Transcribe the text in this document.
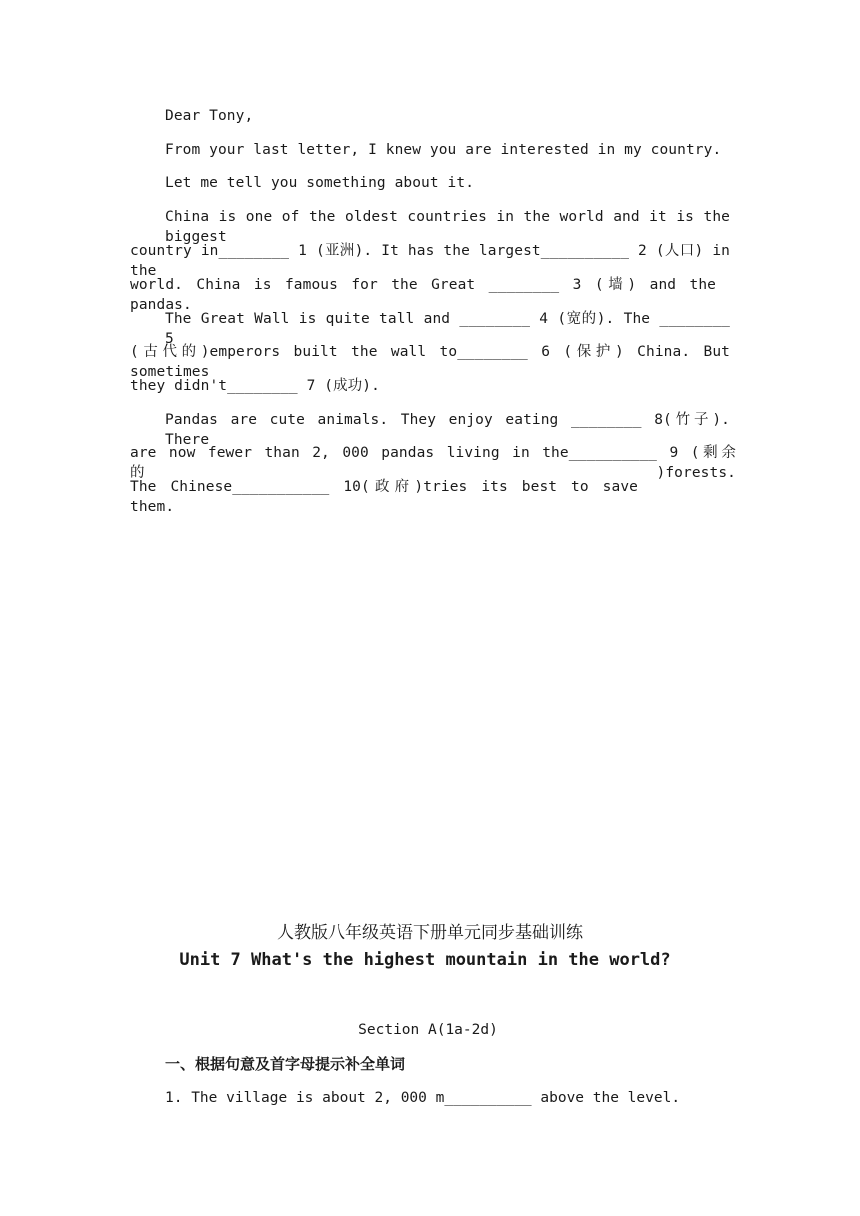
Dear Tony,
From your last letter, I knew you are interested in my country.
Let me tell you something about it.
China is one of the oldest countries in the world and it is the biggest
country in________ 1 (亚洲). It has the largest__________ 2 (人口) in the
world. China is famous for the Great ________ 3 (墙) and the pandas.
The Great Wall is quite tall and ________ 4 (宽的). The ________ 5
(古代的)emperors built the wall to________ 6 (保护) China. But sometimes
they didn't________ 7 (成功).
Pandas are cute animals. They enjoy eating ________ 8(竹子). There
are now fewer than 2, 000 pandas living in the__________ 9 (剩余的)forests.
The Chinese___________ 10(政府)tries its best to save them.
人教版八年级英语下册单元同步基础训练
Unit 7 What's the highest mountain in the world?
Section A(1a-2d)
一、根据句意及首字母提示补全单词
1. The village is about 2, 000 m__________ above the level.
